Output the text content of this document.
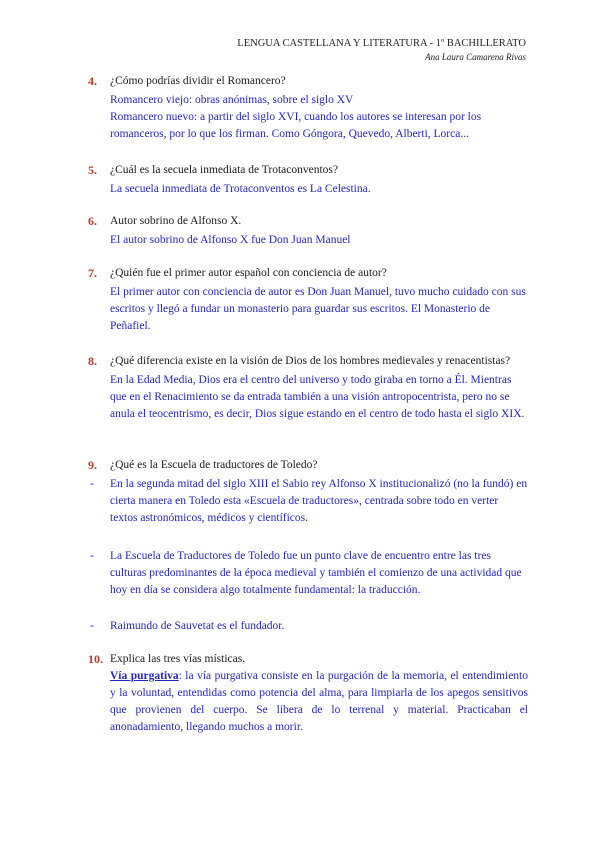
LENGUA CASTELLANA Y LITERATURA - 1º BACHILLERATO
Ana Laura Camarena Rivas
4. ¿Cómo podrías dividir el Romancero?

Romancero viejo: obras anónimas, sobre el siglo XV

Romancero nuevo: a partir del siglo XVI, cuando los autores se interesan por los romanceros, por lo que los firman. Como Góngora, Quevedo, Alberti, Lorca...

5. ¿Cuál es la secuela inmediata de Trotaconventos?

La secuela inmediata de Trotaconventos es La Celestina.

6. Autor sobrino de Alfonso X.

El autor sobrino de Alfonso X fue Don Juan Manuel

7. ¿Quién fue el primer autor español con conciencia de autor?

El primer autor con conciencia de autor es Don Juan Manuel, tuvo mucho cuidado con sus escritos y llegó a fundar un monasterio para guardar sus escritos. El Monasterio de Peñafiel.

8. ¿Qué diferencia existe en la visión de Dios de los hombres medievales y renacentistas?

En la Edad Media, Dios era el centro del universo y todo giraba en torno a Él. Mientras que en el Renacimiento se da entrada también a una visión antropocentrista, pero no se anula el teocentrismo, es decir, Dios sigue estando en el centro de todo hasta el siglo XIX.

9. ¿Qué es la Escuela de traductores de Toledo?
- En la segunda mitad del siglo XIII el Sabio rey Alfonso X institucionalizó (no la fundó) en cierta manera en Toledo esta «Escuela de traductores», centrada sobre todo en verter textos astronómicos, médicos y científicos.

- La Escuela de Traductores de Toledo fue un punto clave de encuentro entre las tres culturas predominantes de la época medieval y también el comienzo de una actividad que hoy en día se considera algo totalmente fundamental: la traducción.

- Raimundo de Sauvetat es el fundador.

10. Explica las tres vías místicas.

Vía purgativa: la vía purgativa consiste en la purgación de la memoria, el entendimiento y la voluntad, entendidas como potencia del alma, para limpiarla de los apegos sensitivos que provienen del cuerpo. Se libera de lo terrenal y material. Practicaban el anonadamiento, llegando muchos a morir.
